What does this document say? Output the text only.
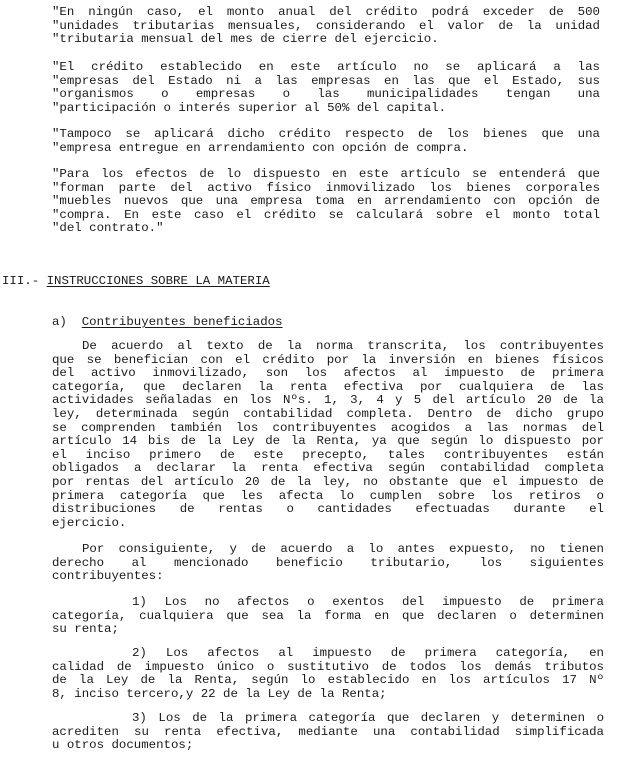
"En ningún caso, el monto anual del crédito podrá exceder de 500
"unidades tributarias mensuales, considerando el valor de la unidad
"tributaria mensual del mes de cierre del ejercicio.
"El crédito establecido en este artículo no se aplicará a las
"empresas del Estado ni a las empresas en las que el Estado, sus
"organismos o empresas o las municipalidades tengan una
"participación o interés superior al 50% del capital.
"Tampoco se aplicará dicho crédito respecto de los bienes que una
"empresa entregue en arrendamiento con opción de compra.
"Para los efectos de lo dispuesto en este artículo se entenderá que
"forman parte del activo físico inmovilizado los bienes corporales
"muebles nuevos que una empresa toma en arrendamiento con opción de
"compra. En este caso el crédito se calculará sobre el monto total
"del contrato."
III.- INSTRUCCIONES SOBRE LA MATERIA
a) Contribuyentes beneficiados
De acuerdo al texto de la norma transcrita, los contribuyentes
que se benefician con el crédito por la inversión en bienes físicos
del activo inmovilizado, son los afectos al impuesto de primera
categoría, que declaren la renta efectiva por cualquiera de las
actividades señaladas en los Nºs. 1, 3, 4 y 5 del artículo 20 de la
ley, determinada según contabilidad completa. Dentro de dicho grupo
se comprenden también los contribuyentes acogidos a las normas del
artículo 14 bis de la Ley de la Renta, ya que según lo dispuesto por
el inciso primero de este precepto, tales contribuyentes están
obligados a declarar la renta efectiva según contabilidad completa
por rentas del artículo 20 de la ley, no obstante que el impuesto de
primera categoría que les afecta lo cumplen sobre los retiros o
distribuciones de rentas o cantidades efectuadas durante el
ejercicio.
Por consiguiente, y de acuerdo a lo antes expuesto, no tienen
derecho al mencionado beneficio tributario, los siguientes
contribuyentes:
1) Los no afectos o exentos del impuesto de primera
categoría, cualquiera que sea la forma en que declaren o determinen
su renta;
2) Los afectos al impuesto de primera categoría, en
calidad de impuesto único o sustitutivo de todos los demás tributos
de la Ley de la Renta, según lo establecido en los artículos 17 Nº
8, inciso tercero,y 22 de la Ley de la Renta;
3) Los de la primera categoría que declaren y determinen o
acrediten su renta efectiva, mediante una contabilidad simplificada
u otros documentos;
